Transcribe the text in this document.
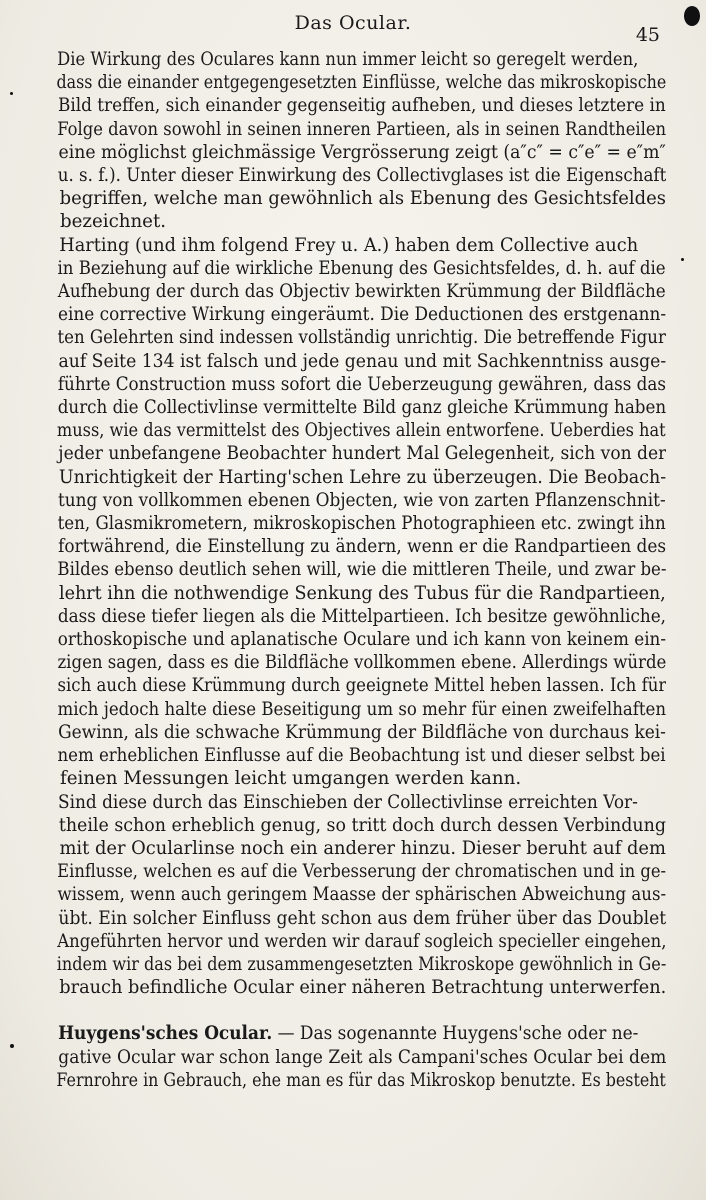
Das Ocular.
45
Die Wirkung des Oculares kann nun immer leicht so geregelt werden,
dass die einander entgegengesetzten Einflüsse, welche das mikroskopische
Bild treffen, sich einander gegenseitig aufheben, und dieses letztere in
Folge davon sowohl in seinen inneren Partieen, als in seinen Randtheilen
eine möglichst gleichmässige Vergrösserung zeigt (a″c″ = c″e″ = e″m″
u. s. f.). Unter dieser Einwirkung des Collectivglases ist die Eigenschaft
begriffen, welche man gewöhnlich als Ebenung des Gesichtsfeldes
bezeichnet.
Harting (und ihm folgend Frey u. A.) haben dem Collective auch
in Beziehung auf die wirkliche Ebenung des Gesichtsfeldes, d. h. auf die
Aufhebung der durch das Objectiv bewirkten Krümmung der Bildfläche
eine corrective Wirkung eingeräumt. Die Deductionen des erstgenann-
ten Gelehrten sind indessen vollständig unrichtig. Die betreffende Figur
auf Seite 134 ist falsch und jede genau und mit Sachkenntniss ausge-
führte Construction muss sofort die Ueberzeugung gewähren, dass das
durch die Collectivlinse vermittelte Bild ganz gleiche Krümmung haben
muss, wie das vermittelst des Objectives allein entworfene. Ueberdies hat
jeder unbefangene Beobachter hundert Mal Gelegenheit, sich von der
Unrichtigkeit der Harting'schen Lehre zu überzeugen. Die Beobach-
tung von vollkommen ebenen Objecten, wie von zarten Pflanzenschnit-
ten, Glasmikrometern, mikroskopischen Photographieen etc. zwingt ihn
fortwährend, die Einstellung zu ändern, wenn er die Randpartieen des
Bildes ebenso deutlich sehen will, wie die mittleren Theile, und zwar be-
lehrt ihn die nothwendige Senkung des Tubus für die Randpartieen,
dass diese tiefer liegen als die Mittelpartieen. Ich besitze gewöhnliche,
orthoskopische und aplanatische Oculare und ich kann von keinem ein-
zigen sagen, dass es die Bildfläche vollkommen ebene. Allerdings würde
sich auch diese Krümmung durch geeignete Mittel heben lassen. Ich für
mich jedoch halte diese Beseitigung um so mehr für einen zweifelhaften
Gewinn, als die schwache Krümmung der Bildfläche von durchaus kei-
nem erheblichen Einflusse auf die Beobachtung ist und dieser selbst bei
feinen Messungen leicht umgangen werden kann.
Sind diese durch das Einschieben der Collectivlinse erreichten Vor-
theile schon erheblich genug, so tritt doch durch dessen Verbindung
mit der Ocularlinse noch ein anderer hinzu. Dieser beruht auf dem
Einflusse, welchen es auf die Verbesserung der chromatischen und in ge-
wissem, wenn auch geringem Maasse der sphärischen Abweichung aus-
übt. Ein solcher Einfluss geht schon aus dem früher über das Doublet
Angeführten hervor und werden wir darauf sogleich specieller eingehen,
indem wir das bei dem zusammengesetzten Mikroskope gewöhnlich in Ge-
brauch befindliche Ocular einer näheren Betrachtung unterwerfen.
Huygens'sches Ocular. — Das sogenannte Huygens'sche oder ne-
gative Ocular war schon lange Zeit als Campani'sches Ocular bei dem
Fernrohre in Gebrauch, ehe man es für das Mikroskop benutzte. Es besteht
